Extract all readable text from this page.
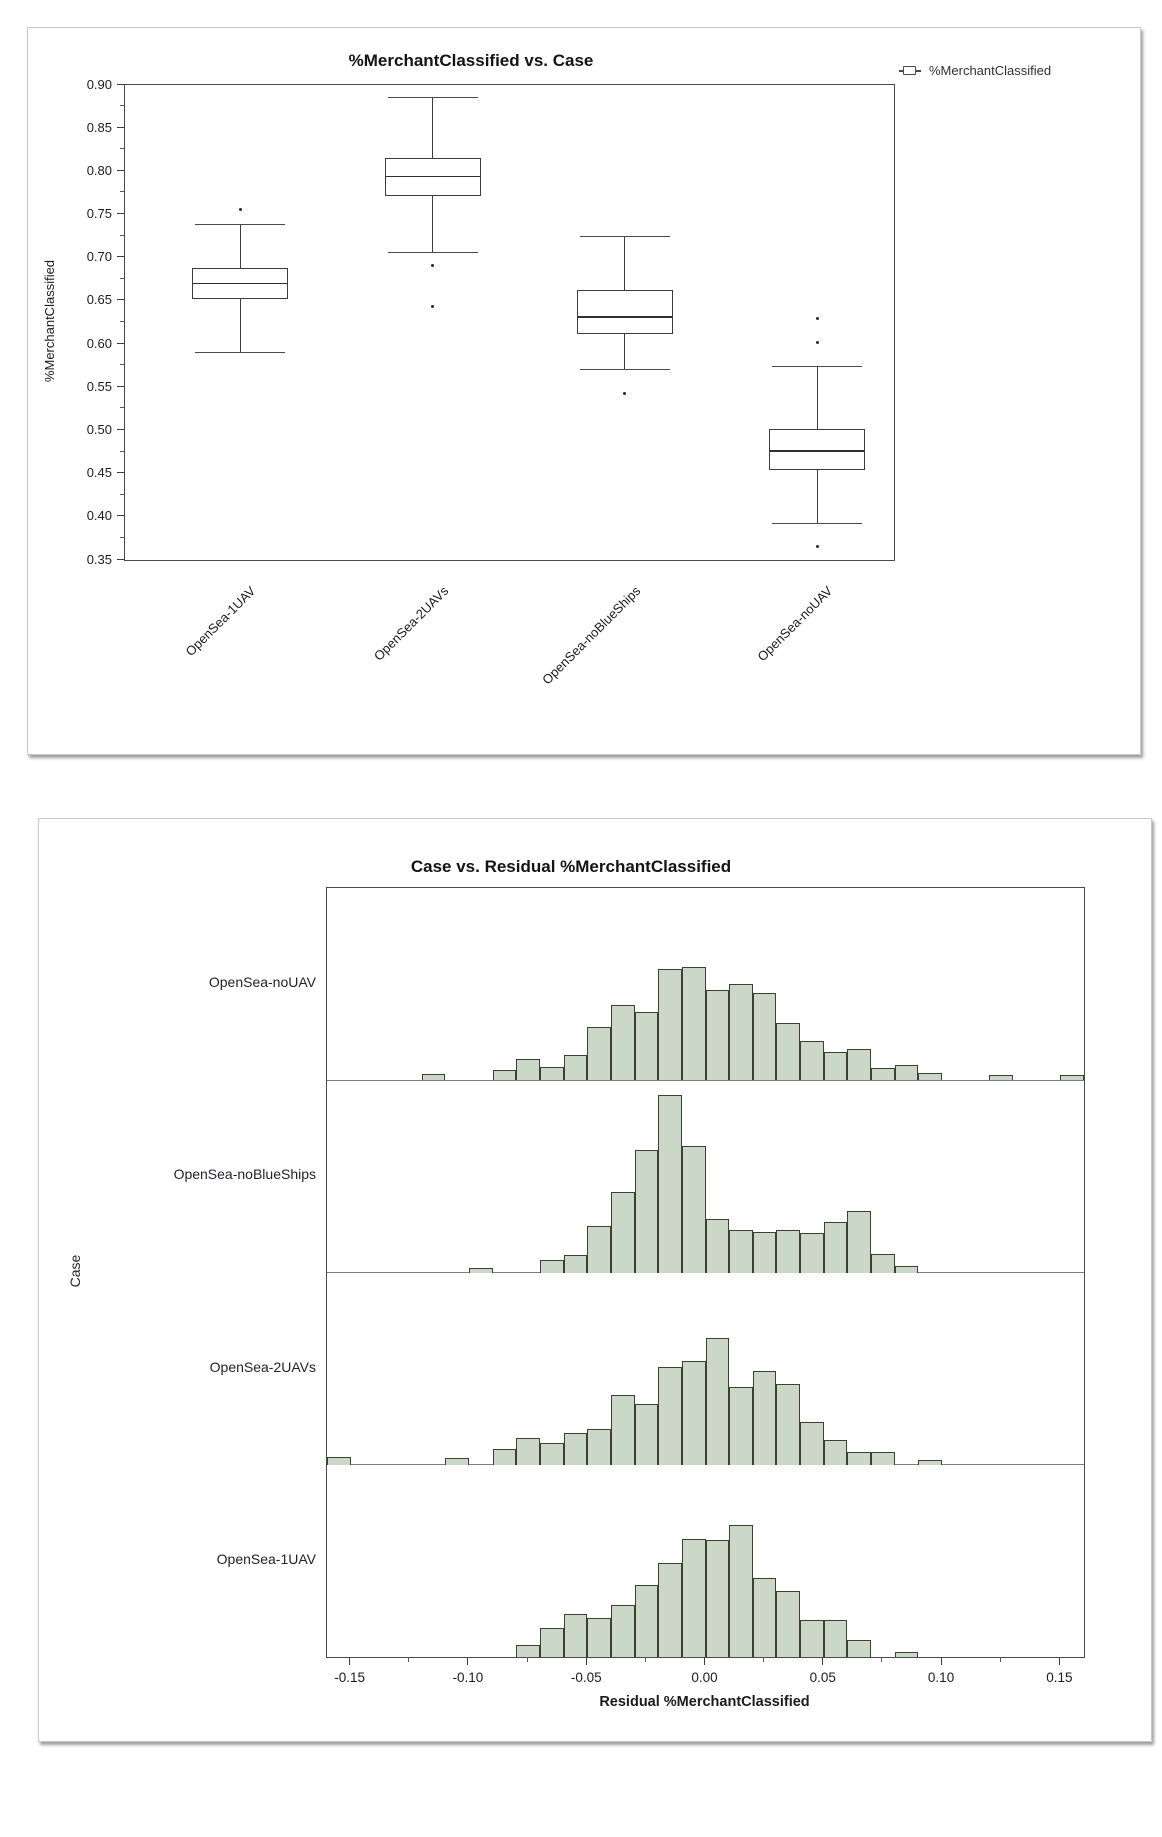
%MerchantClassified vs. Case
%MerchantClassified
%MerchantClassified
0.90
0.85
0.80
0.75
0.70
0.65
0.60
0.55
0.50
0.45
0.40
0.35
OpenSea-1UAV	OpenSea-2UAVs	OpenSea-noBlueShips	OpenSea-noUAV
Case vs. Residual %MerchantClassified
Case
Residual %MerchantClassified
OpenSea-noUAV
OpenSea-noBlueShips
OpenSea-2UAVs
OpenSea-1UAV
-0.15	-0.10	-0.05	0.00	0.05	0.10	0.15
